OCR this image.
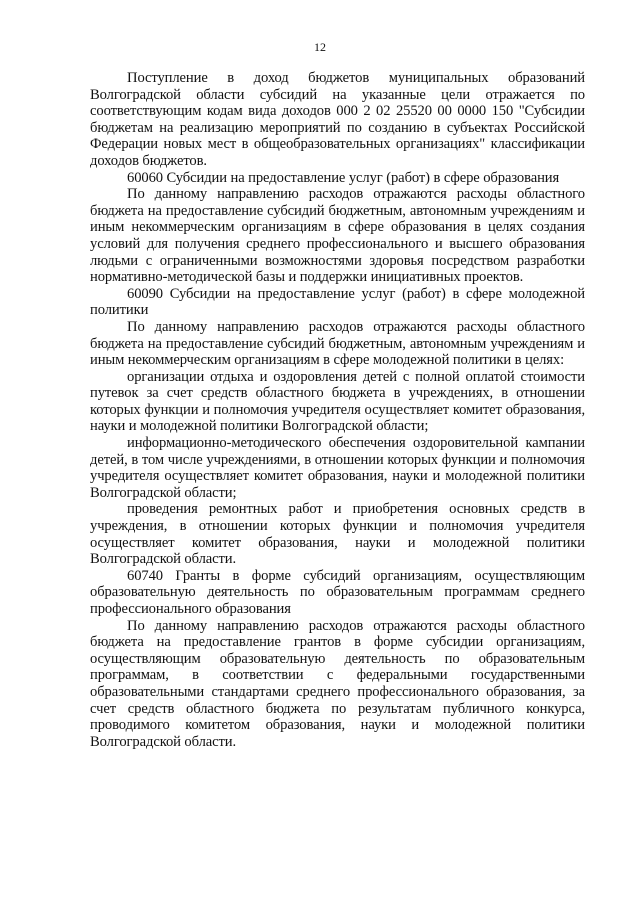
12

Поступление в доход бюджетов муниципальных образований Волгоградской области субсидий на указанные цели отражается по соответствующим кодам вида доходов 000 2 02 25520 00 0000 150 "Субсидии бюджетам на реализацию мероприятий по созданию в субъектах Российской Федерации новых мест в общеобразовательных организациях" классификации доходов бюджетов.

60060 Субсидии на предоставление услуг (работ) в сфере образования

По данному направлению расходов отражаются расходы областного бюджета на предоставление субсидий бюджетным, автономным учреждениям и иным некоммерческим организациям в сфере образования в целях создания условий для получения среднего профессионального и высшего образования людьми с ограниченными возможностями здоровья посредством разработки нормативно-методической базы и поддержки инициативных проектов.

60090 Субсидии на предоставление услуг (работ) в сфере молодежной политики

По данному направлению расходов отражаются расходы областного бюджета на предоставление субсидий бюджетным, автономным учреждениям и иным некоммерческим организациям в сфере молодежной политики в целях:

организации отдыха и оздоровления детей с полной оплатой стоимости путевок за счет средств областного бюджета в учреждениях, в отношении которых функции и полномочия учредителя осуществляет комитет образования, науки и молодежной политики Волгоградской области;

информационно-методического обеспечения оздоровительной кампании детей, в том числе учреждениями, в отношении которых функции и полномочия учредителя осуществляет комитет образования, науки и молодежной политики Волгоградской области;

проведения ремонтных работ и приобретения основных средств в учреждения, в отношении которых функции и полномочия учредителя осуществляет комитет образования, науки и молодежной политики Волгоградской области.

60740 Гранты в форме субсидий организациям, осуществляющим образовательную деятельность по образовательным программам среднего профессионального образования

По данному направлению расходов отражаются расходы областного бюджета на предоставление грантов в форме субсидии организациям, осуществляющим образовательную деятельность по образовательным программам, в соответствии с федеральными государственными образовательными стандартами среднего профессионального образования, за счет средств областного бюджета по результатам публичного конкурса, проводимого комитетом образования, науки и молодежной политики Волгоградской области.
